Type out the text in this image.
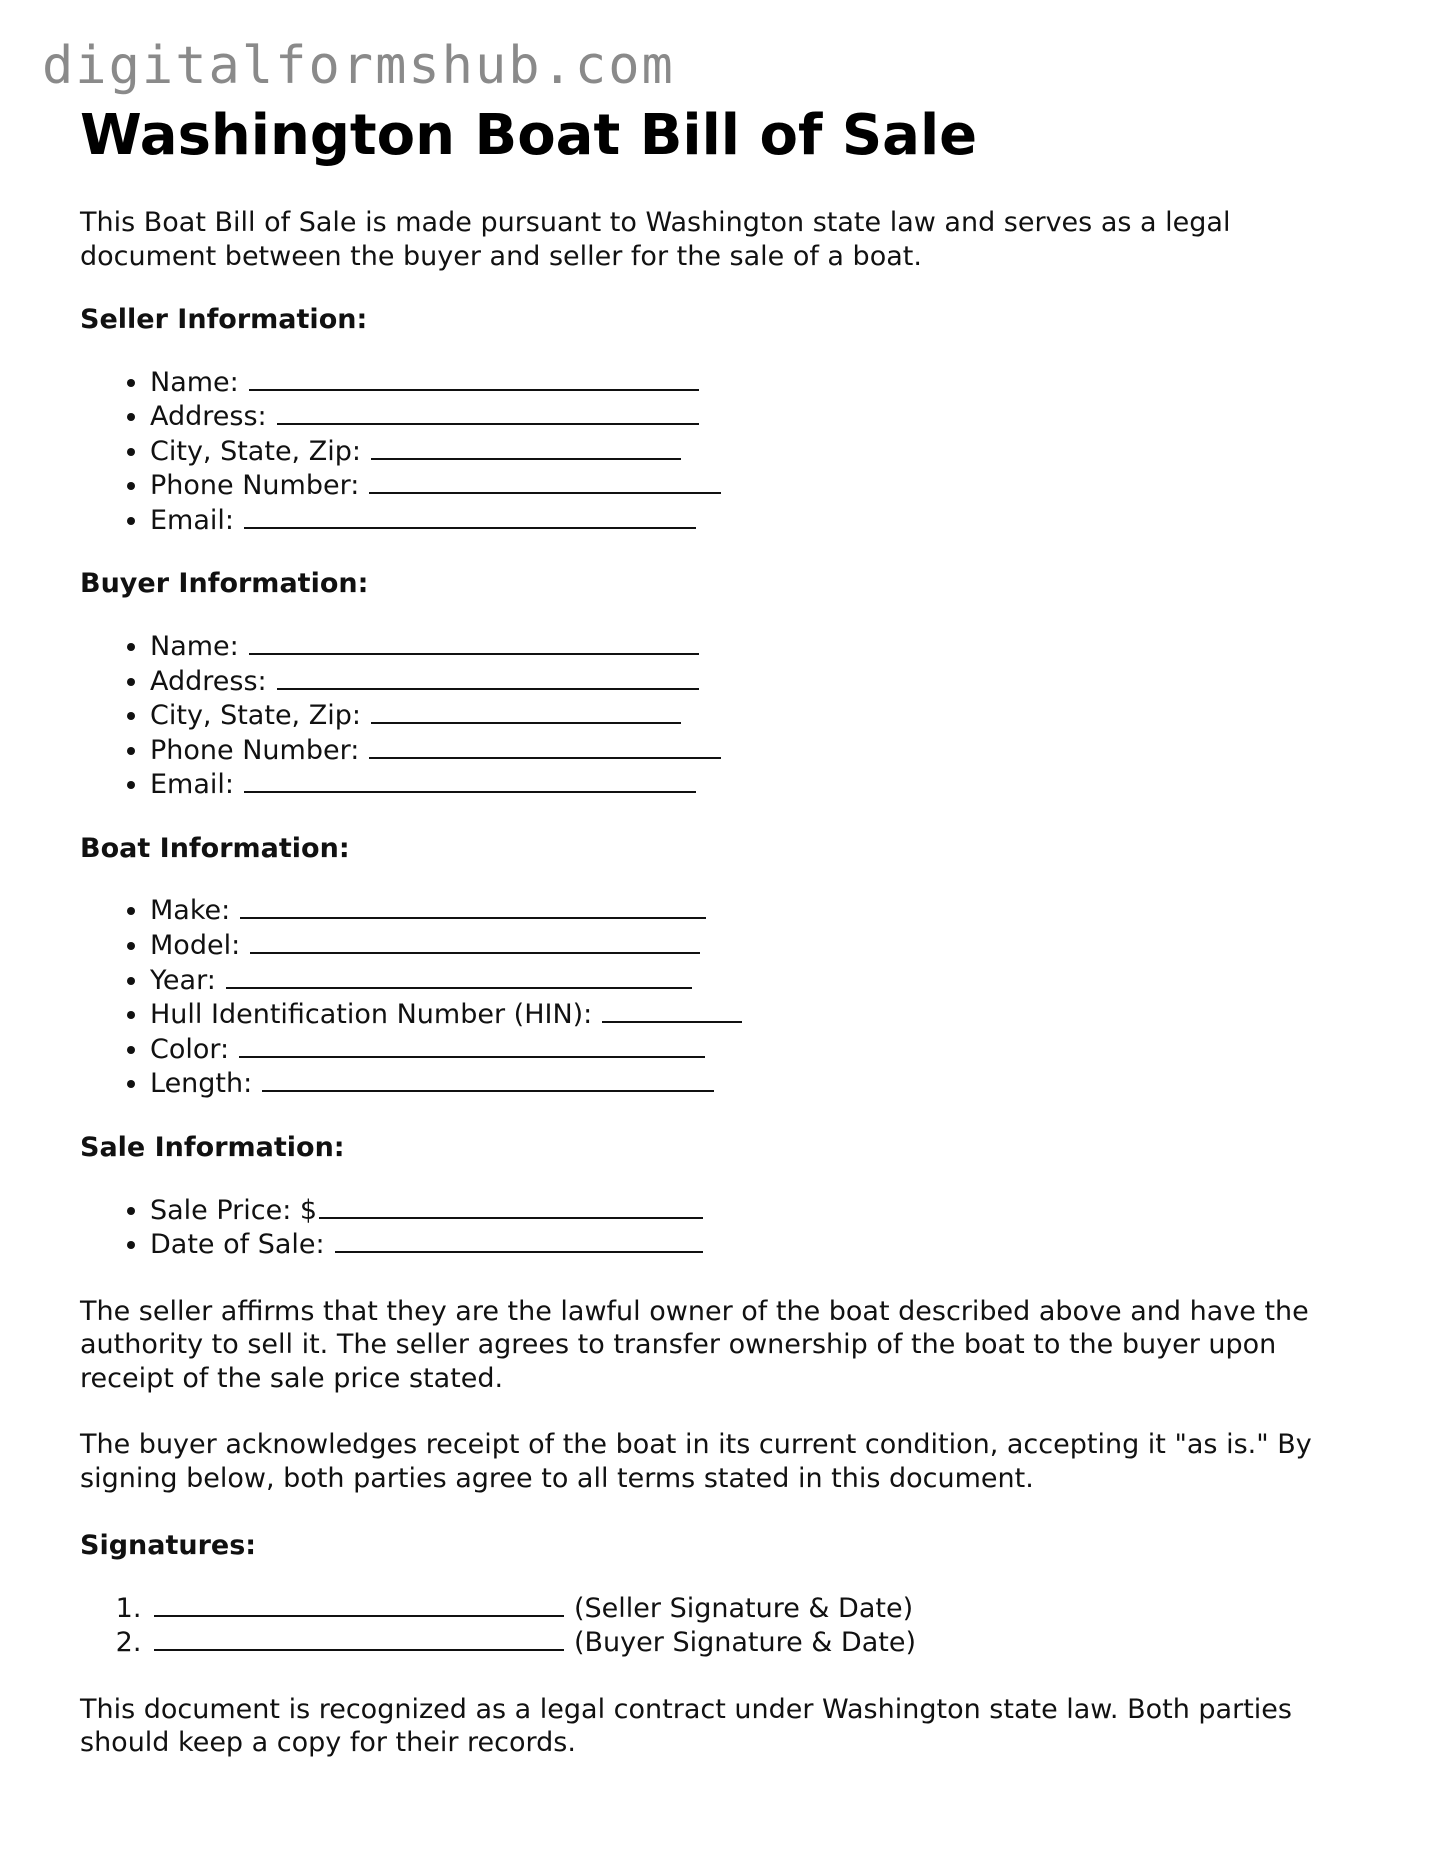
digitalformshub.com
Washington Boat Bill of Sale

This Boat Bill of Sale is made pursuant to Washington state law and serves as a legal document between the buyer and seller for the sale of a boat.

Seller Information:
• Name:
• Address:
• City, State, Zip:
• Phone Number:
• Email:
Buyer Information:
• Name:
• Address:
• City, State, Zip:
• Phone Number:
• Email:
Boat Information:
• Make:
• Model:
• Year:
• Hull Identification Number (HIN):
• Color:
• Length:
Sale Information:
• Sale Price: $
• Date of Sale:

The seller affirms that they are the lawful owner of the boat described above and have the authority to sell it. The seller agrees to transfer ownership of the boat to the buyer upon receipt of the sale price stated.

The buyer acknowledges receipt of the boat in its current condition, accepting it "as is." By signing below, both parties agree to all terms stated in this document.

Signatures:
1. (Seller Signature & Date)
2. (Buyer Signature & Date)

This document is recognized as a legal contract under Washington state law. Both parties should keep a copy for their records.
